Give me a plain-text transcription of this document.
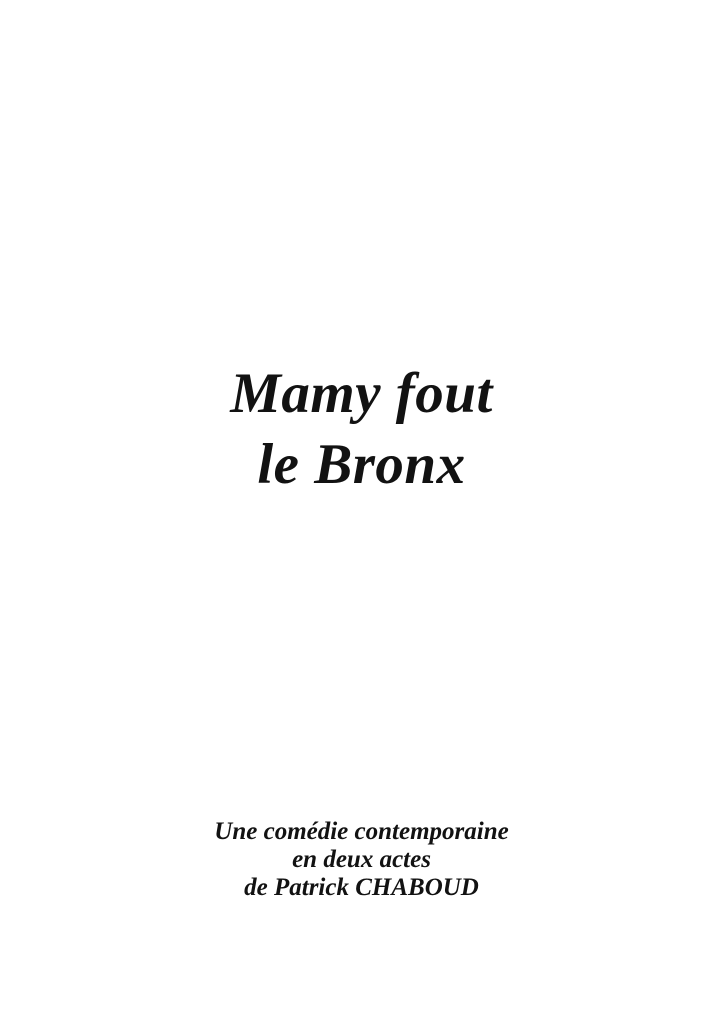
Mamy fout
le Bronx
Une comédie contemporaine
en deux actes
de Patrick CHABOUD
